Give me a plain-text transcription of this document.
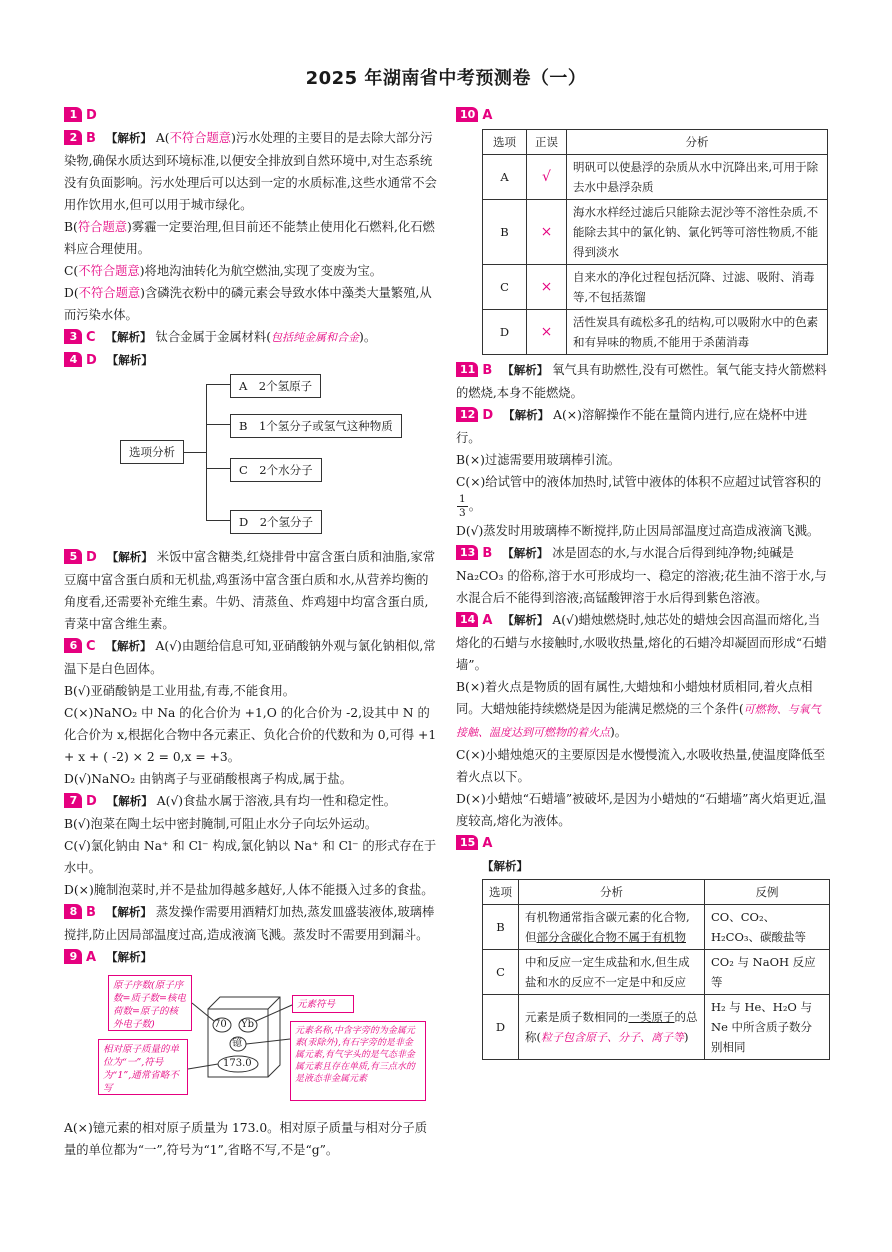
2025 年湖南省中考预测卷（一）
1 D

2 B 【解析】 A(不符合题意)污水处理的主要目的是去除大部分污染物,确保水质达到环境标准,以便安全排放到自然环境中,对生态系统没有负面影响。污水处理后可以达到一定的水质标准,这些水通常不会用作饮用水,但可以用于城市绿化。

B(符合题意)雾霾一定要治理,但目前还不能禁止使用化石燃料,化石燃料应合理使用。

C(不符合题意)将地沟油转化为航空燃油,实现了变废为宝。

D(不符合题意)含磷洗衣粉中的磷元素会导致水体中藻类大量繁殖,从而污染水体。

3 C 【解析】 钛合金属于金属材料(包括纯金属和合金)。
4 D 【解析】
选项分析
A　2个氢原子
B　1个氢分子或氢气这种物质
C　2个水分子
D　2个氢分子
5 D 【解析】 米饭中富含糖类,红烧排骨中富含蛋白质和油脂,家常豆腐中富含蛋白质和无机盐,鸡蛋汤中富含蛋白质和水,从营养均衡的角度看,还需要补充维生素。牛奶、清蒸鱼、炸鸡翅中均富含蛋白质,青菜中富含维生素。

6 C 【解析】 A(√)由题给信息可知,亚硝酸钠外观与氯化钠相似,常温下是白色固体。

B(√)亚硝酸钠是工业用盐,有毒,不能食用。

C(×)NaNO₂ 中 Na 的化合价为 +1,O 的化合价为 -2,设其中 N 的化合价为 x,根据化合物中各元素正、负化合价的代数和为 0,可得 +1 + x + ( -2) × 2 = 0,x = +3。

D(√)NaNO₂ 由钠离子与亚硝酸根离子构成,属于盐。

7 D 【解析】 A(√)食盐水属于溶液,具有均一性和稳定性。

B(√)泡菜在陶土坛中密封腌制,可阻止水分子向坛外运动。

C(√)氯化钠由 Na⁺ 和 Cl⁻ 构成,氯化钠以 Na⁺ 和 Cl⁻ 的形式存在于水中。

D(×)腌制泡菜时,并不是盐加得越多越好,人体不能摄入过多的食盐。

8 B 【解析】 蒸发操作需要用酒精灯加热,蒸发皿盛装液体,玻璃棒搅拌,防止因局部温度过高,造成液滴飞溅。蒸发时不需要用到漏斗。
9 A 【解析】
原子序数(原子序数=质子数=核电荷数=原子的核外电子数)
元素符号
相对原子质量的单位为“一”,符号为“1”,通常省略不写
元素名称,中含字旁的为金属元素(汞除外),有石字旁的是非金属元素,有气字头的是气态非金属元素且存在单质,有三点水的是液态非金属元素
70 Yb
镱
173.0

A(×)镱元素的相对原子质量为 173.0。相对原子质量与相对分子质量的单位都为“一”,符号为“1”,省略不写,不是“g”。

10 A
选项	正误	分析
A	√	明矾可以使悬浮的杂质从水中沉降出来,可用于除去水中悬浮杂质
B	×	海水水样经过滤后只能除去泥沙等不溶性杂质,不能除去其中的氯化钠、氯化钙等可溶性物质,不能得到淡水
C	×	自来水的净化过程包括沉降、过滤、吸附、消毒等,不包括蒸馏
D	×	活性炭具有疏松多孔的结构,可以吸附水中的色素和有异味的物质,不能用于杀菌消毒
11 B 【解析】 氧气具有助燃性,没有可燃性。氧气能支持火箭燃料的燃烧,本身不能燃烧。

12 D 【解析】 A(×)溶解操作不能在量筒内进行,应在烧杯中进行。

B(×)过滤需要用玻璃棒引流。

C(×)给试管中的液体加热时,试管中液体的体积不应超过试管容积的
$\frac{1}{3}$ 。

D(√)蒸发时用玻璃棒不断搅拌,防止因局部温度过高造成液滴飞溅。

13 B 【解析】 冰是固态的水,与水混合后得到纯净物;纯碱是 Na₂CO₃ 的俗称,溶于水可形成均一、稳定的溶液;花生油不溶于水,与水混合后不能得到溶液;高锰酸钾溶于水后得到紫色溶液。

14 A 【解析】 A(√)蜡烛燃烧时,烛芯处的蜡烛会因高温而熔化,当熔化的石蜡与水接触时,水吸收热量,熔化的石蜡冷却凝固而形成“石蜡墙”。

B(×)着火点是物质的固有属性,大蜡烛和小蜡烛材质相同,着火点相同。大蜡烛能持续燃烧是因为能满足燃烧的三个条件(可燃物、与氧气接触、温度达到可燃物的着火点)。

C(×)小蜡烛熄灭的主要原因是水慢慢流入,水吸收热量,使温度降低至着火点以下。

D(×)小蜡烛“石蜡墙”被破坏,是因为小蜡烛的“石蜡墙”离火焰更近,温度较高,熔化为液体。

15 A

【解析】

选项	分析	反例
B	有机物通常指含碳元素的化合物,但部分含碳化合物不属于有机物	CO、CO₂、H₂CO₃、碳酸盐等
C	中和反应一定生成盐和水,但生成盐和水的反应不一定是中和反应	CO₂ 与 NaOH 反应等
D	元素是质子数相同的一类原子的总称(粒子包含原子、分子、离子等)	H₂ 与 He、H₂O 与 Ne 中所含质子数分别相同
